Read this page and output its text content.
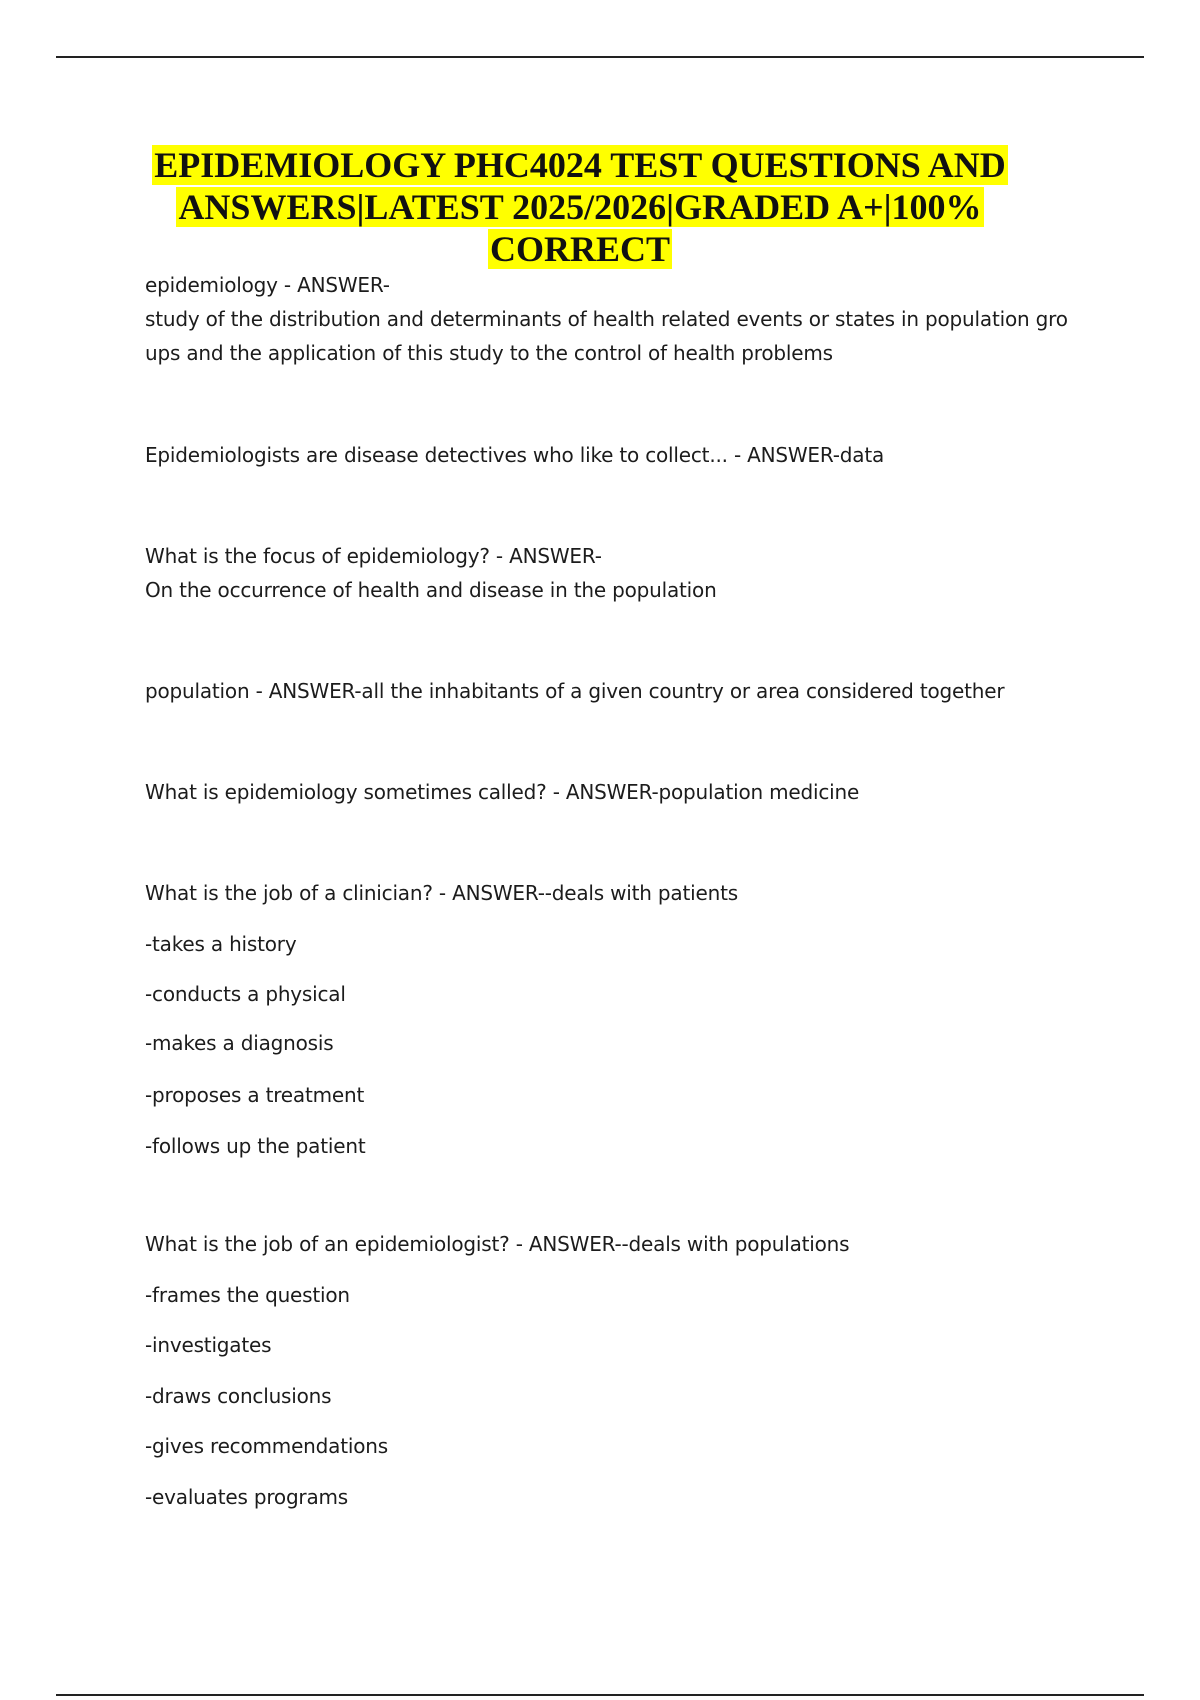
EPIDEMIOLOGY PHC4024 TEST QUESTIONS AND
ANSWERS|LATEST 2025/2026|GRADED A+|100%
CORRECT
epidemiology - ANSWER-
study of the distribution and determinants of health related events or states in population gro
ups and the application of this study to the control of health problems
Epidemiologists are disease detectives who like to collect... - ANSWER-data
What is the focus of epidemiology? - ANSWER-
On the occurrence of health and disease in the population
population - ANSWER-all the inhabitants of a given country or area considered together
What is epidemiology sometimes called? - ANSWER-population medicine
What is the job of a clinician? - ANSWER--deals with patients
-takes a history
-conducts a physical
-makes a diagnosis
-proposes a treatment
-follows up the patient
What is the job of an epidemiologist? - ANSWER--deals with populations
-frames the question
-investigates
-draws conclusions
-gives recommendations
-evaluates programs
